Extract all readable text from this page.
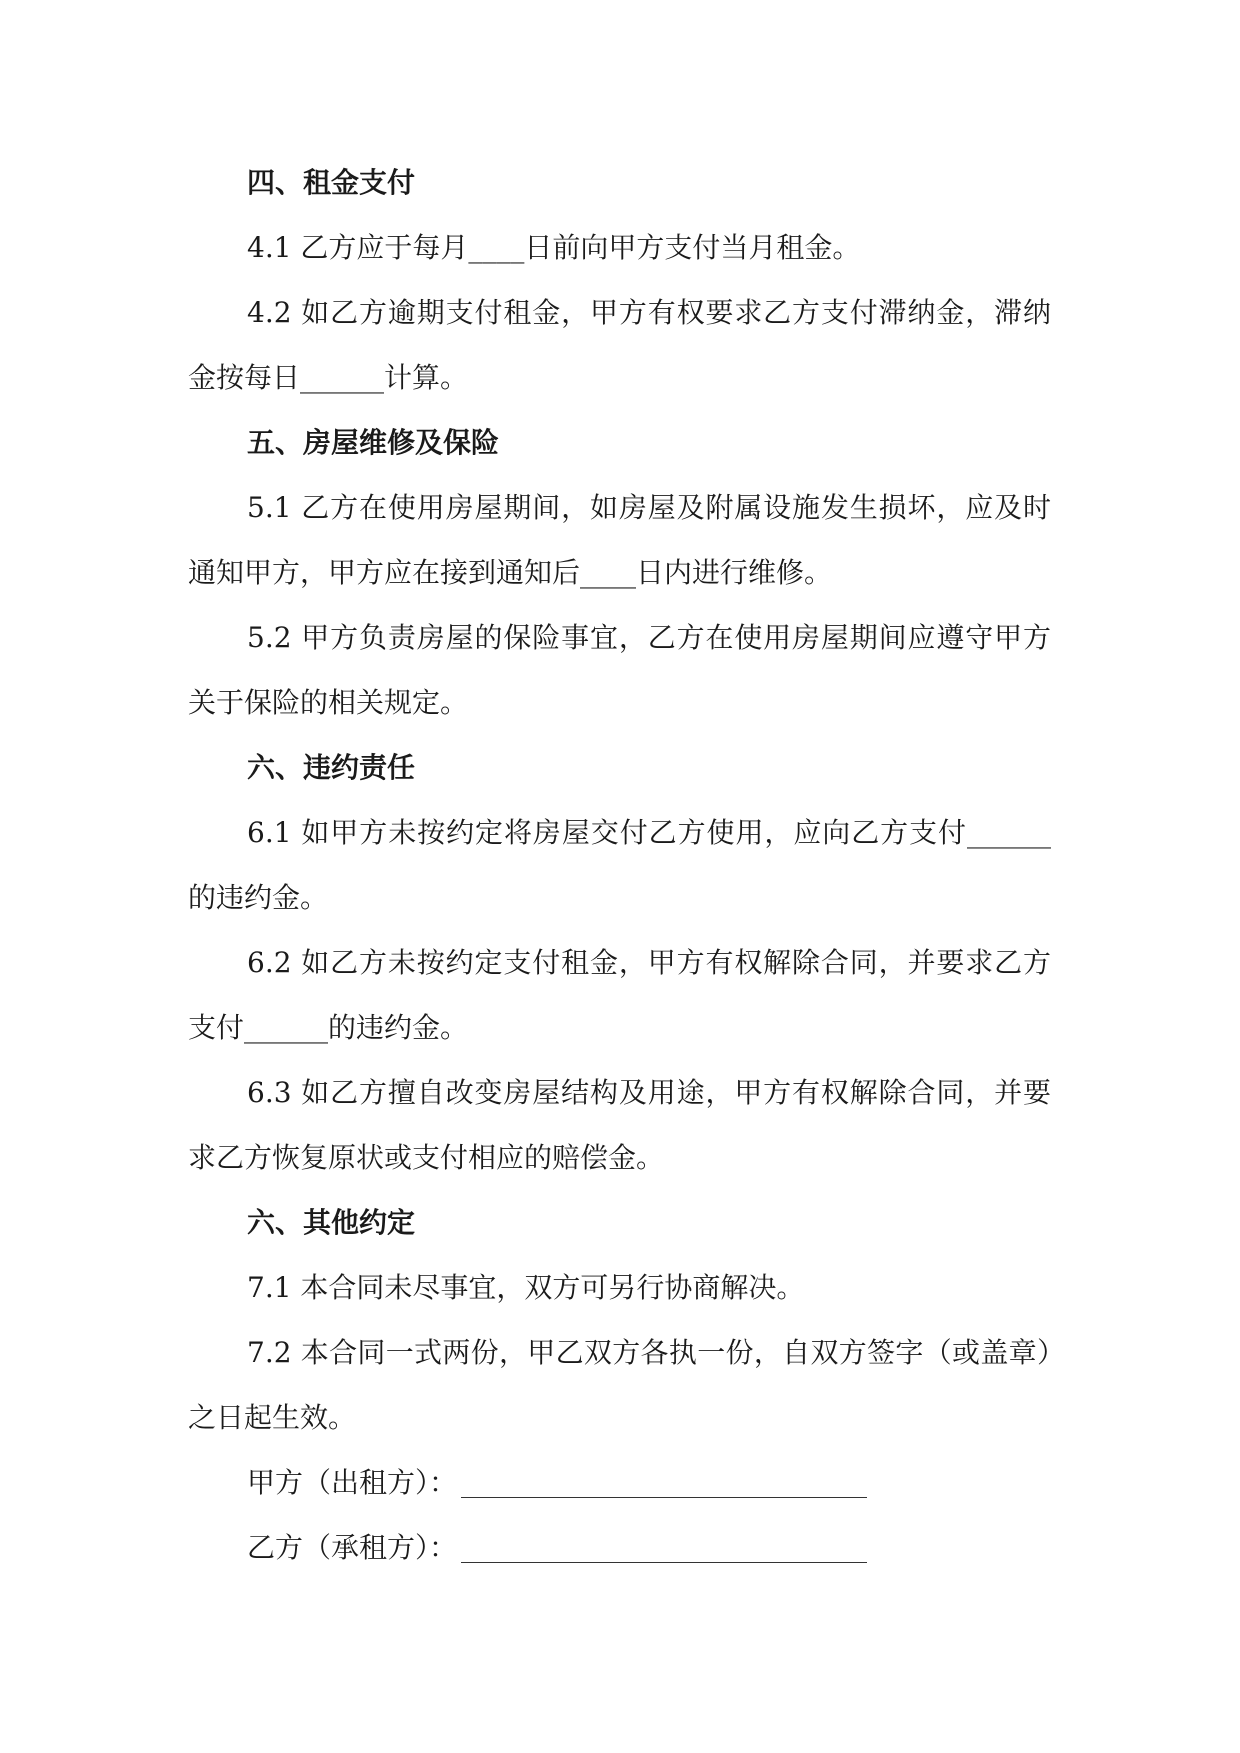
四、租金支付

4.1 乙方应于每月____日前向甲方支付当月租金。

4.2 如乙方逾期支付租金，甲方有权要求乙方支付滞纳金，滞纳金按每日______计算。

五、房屋维修及保险

5.1 乙方在使用房屋期间，如房屋及附属设施发生损坏，应及时通知甲方，甲方应在接到通知后____日内进行维修。

5.2 甲方负责房屋的保险事宜，乙方在使用房屋期间应遵守甲方关于保险的相关规定。

六、违约责任

6.1 如甲方未按约定将房屋交付乙方使用，应向乙方支付______的违约金。

6.2 如乙方未按约定支付租金，甲方有权解除合同，并要求乙方支付______的违约金。

6.3 如乙方擅自改变房屋结构及用途，甲方有权解除合同，并要求乙方恢复原状或支付相应的赔偿金。

六、其他约定

7.1 本合同未尽事宜，双方可另行协商解决。

7.2 本合同一式两份，甲乙双方各执一份，自双方签字（或盖章）之日起生效。

甲方（出租方）：
乙方（承租方）：
